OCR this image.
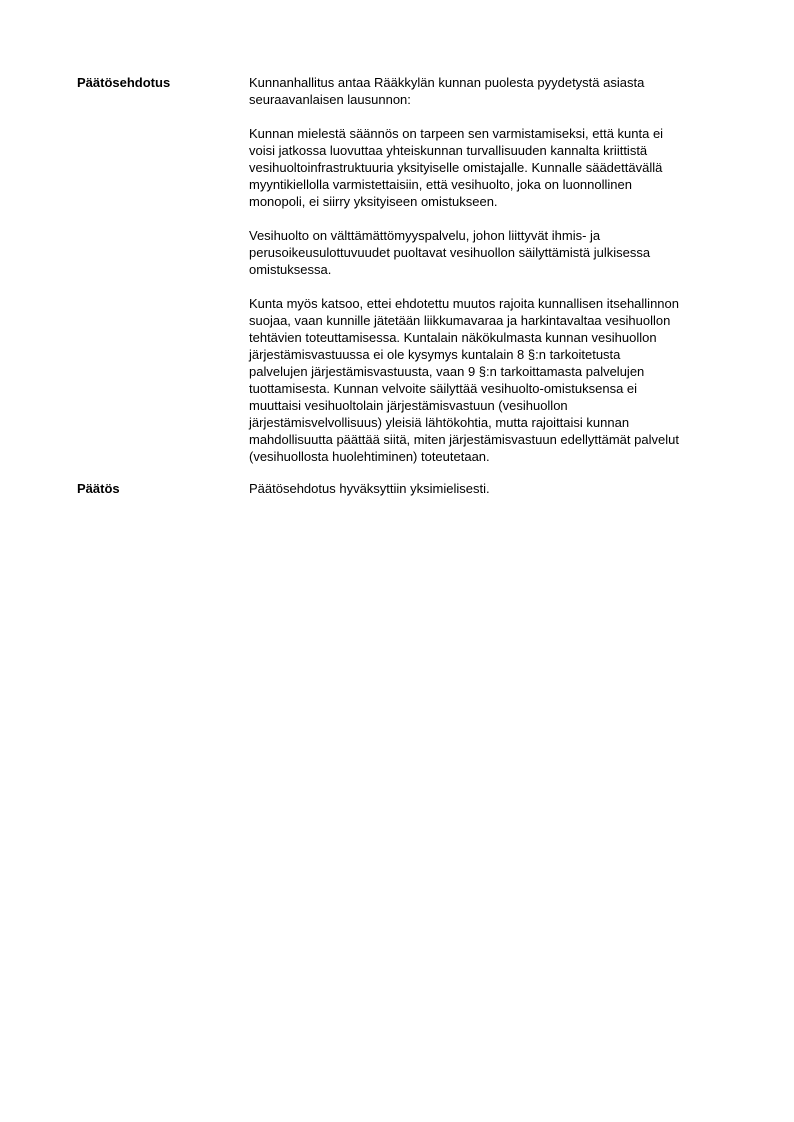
Päätösehdotus	Kunnanhallitus antaa Rääkkylän kunnan puolesta pyydetystä asiasta
seuraavanlaisen lausunnon:

Kunnan mielestä säännös on tarpeen sen varmistamiseksi, että kunta ei
voisi jatkossa luovuttaa yhteiskunnan turvallisuuden kannalta kriittistä
vesihuoltoinfrastruktuuria yksityiselle omistajalle. Kunnalle säädettävällä
myyntikiellolla varmistettaisiin, että vesihuolto, joka on luonnollinen
monopoli, ei siirry yksityiseen omistukseen.

Vesihuolto on välttämättömyyspalvelu, johon liittyvät ihmis- ja
perusoikeusulottuvuudet puoltavat vesihuollon säilyttämistä julkisessa
omistuksessa.

Kunta myös katsoo, ettei ehdotettu muutos rajoita kunnallisen itsehallinnon
suojaa, vaan kunnille jätetään liikkumavaraa ja harkintavaltaa vesihuollon
tehtävien toteuttamisessa. Kuntalain näkökulmasta kunnan vesihuollon
järjestämisvastuussa ei ole kysymys kuntalain 8 §:n tarkoitetusta
palvelujen järjestämisvastuusta, vaan 9 §:n tarkoittamasta palvelujen
tuottamisesta. Kunnan velvoite säilyttää vesihuolto-omistuksensa ei
muuttaisi vesihuoltolain järjestämisvastuun (vesihuollon
järjestämisvelvollisuus) yleisiä lähtökohtia, mutta rajoittaisi kunnan
mahdollisuutta päättää siitä, miten järjestämisvastuun edellyttämät palvelut
(vesihuollosta huolehtiminen) toteutetaan.

Päätös	Päätösehdotus hyväksyttiin yksimielisesti.
